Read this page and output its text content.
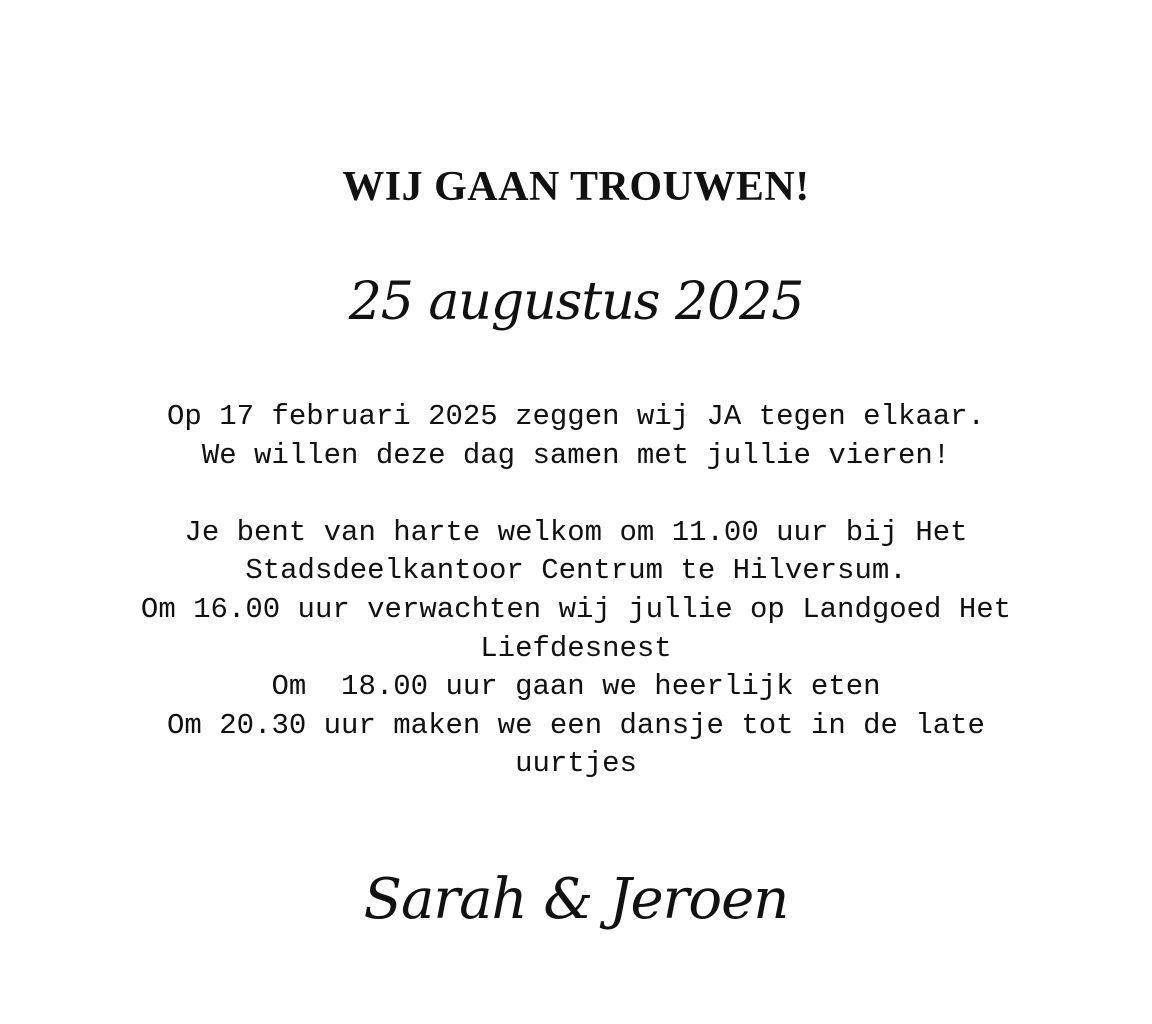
WIJ GAAN TROUWEN!
25 augustus 2025
Op 17 februari 2025 zeggen wij JA tegen elkaar.
We willen deze dag samen met jullie vieren!
Je bent van harte welkom om 11.00 uur bij Het
Stadsdeelkantoor Centrum te Hilversum.
Om 16.00 uur verwachten wij jullie op Landgoed Het
Liefdesnest
Om  18.00 uur gaan we heerlijk eten
Om 20.30 uur maken we een dansje tot in de late
uurtjes
Sarah & Jeroen
